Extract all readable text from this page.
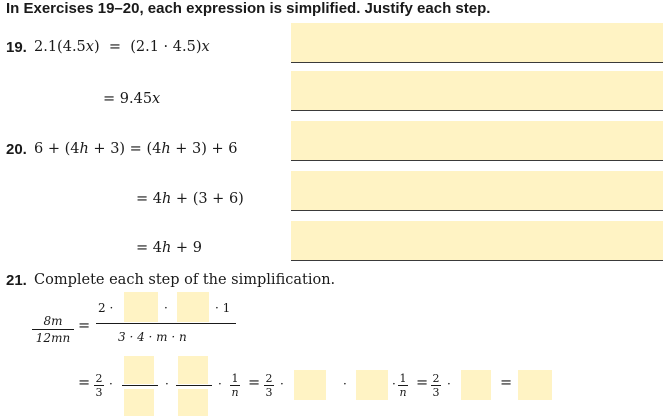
In Exercises 19–20, each expression is simplified. Justify each step.
19. 2.1(4.5x) = (2.1 · 4.5)x
= 9.45x
20. 6 + (4h + 3) = (4h + 3) + 6
= 4h + (3 + 6)
= 4h + 9
21. Complete each step of the simplification.
8m
12mn
=
2 ·	·	· 1
3 · 4 · m · n
= 2
3
·	·	· 1
n
= 2
3
·	·	· 1
n
= 2
3
·	=
